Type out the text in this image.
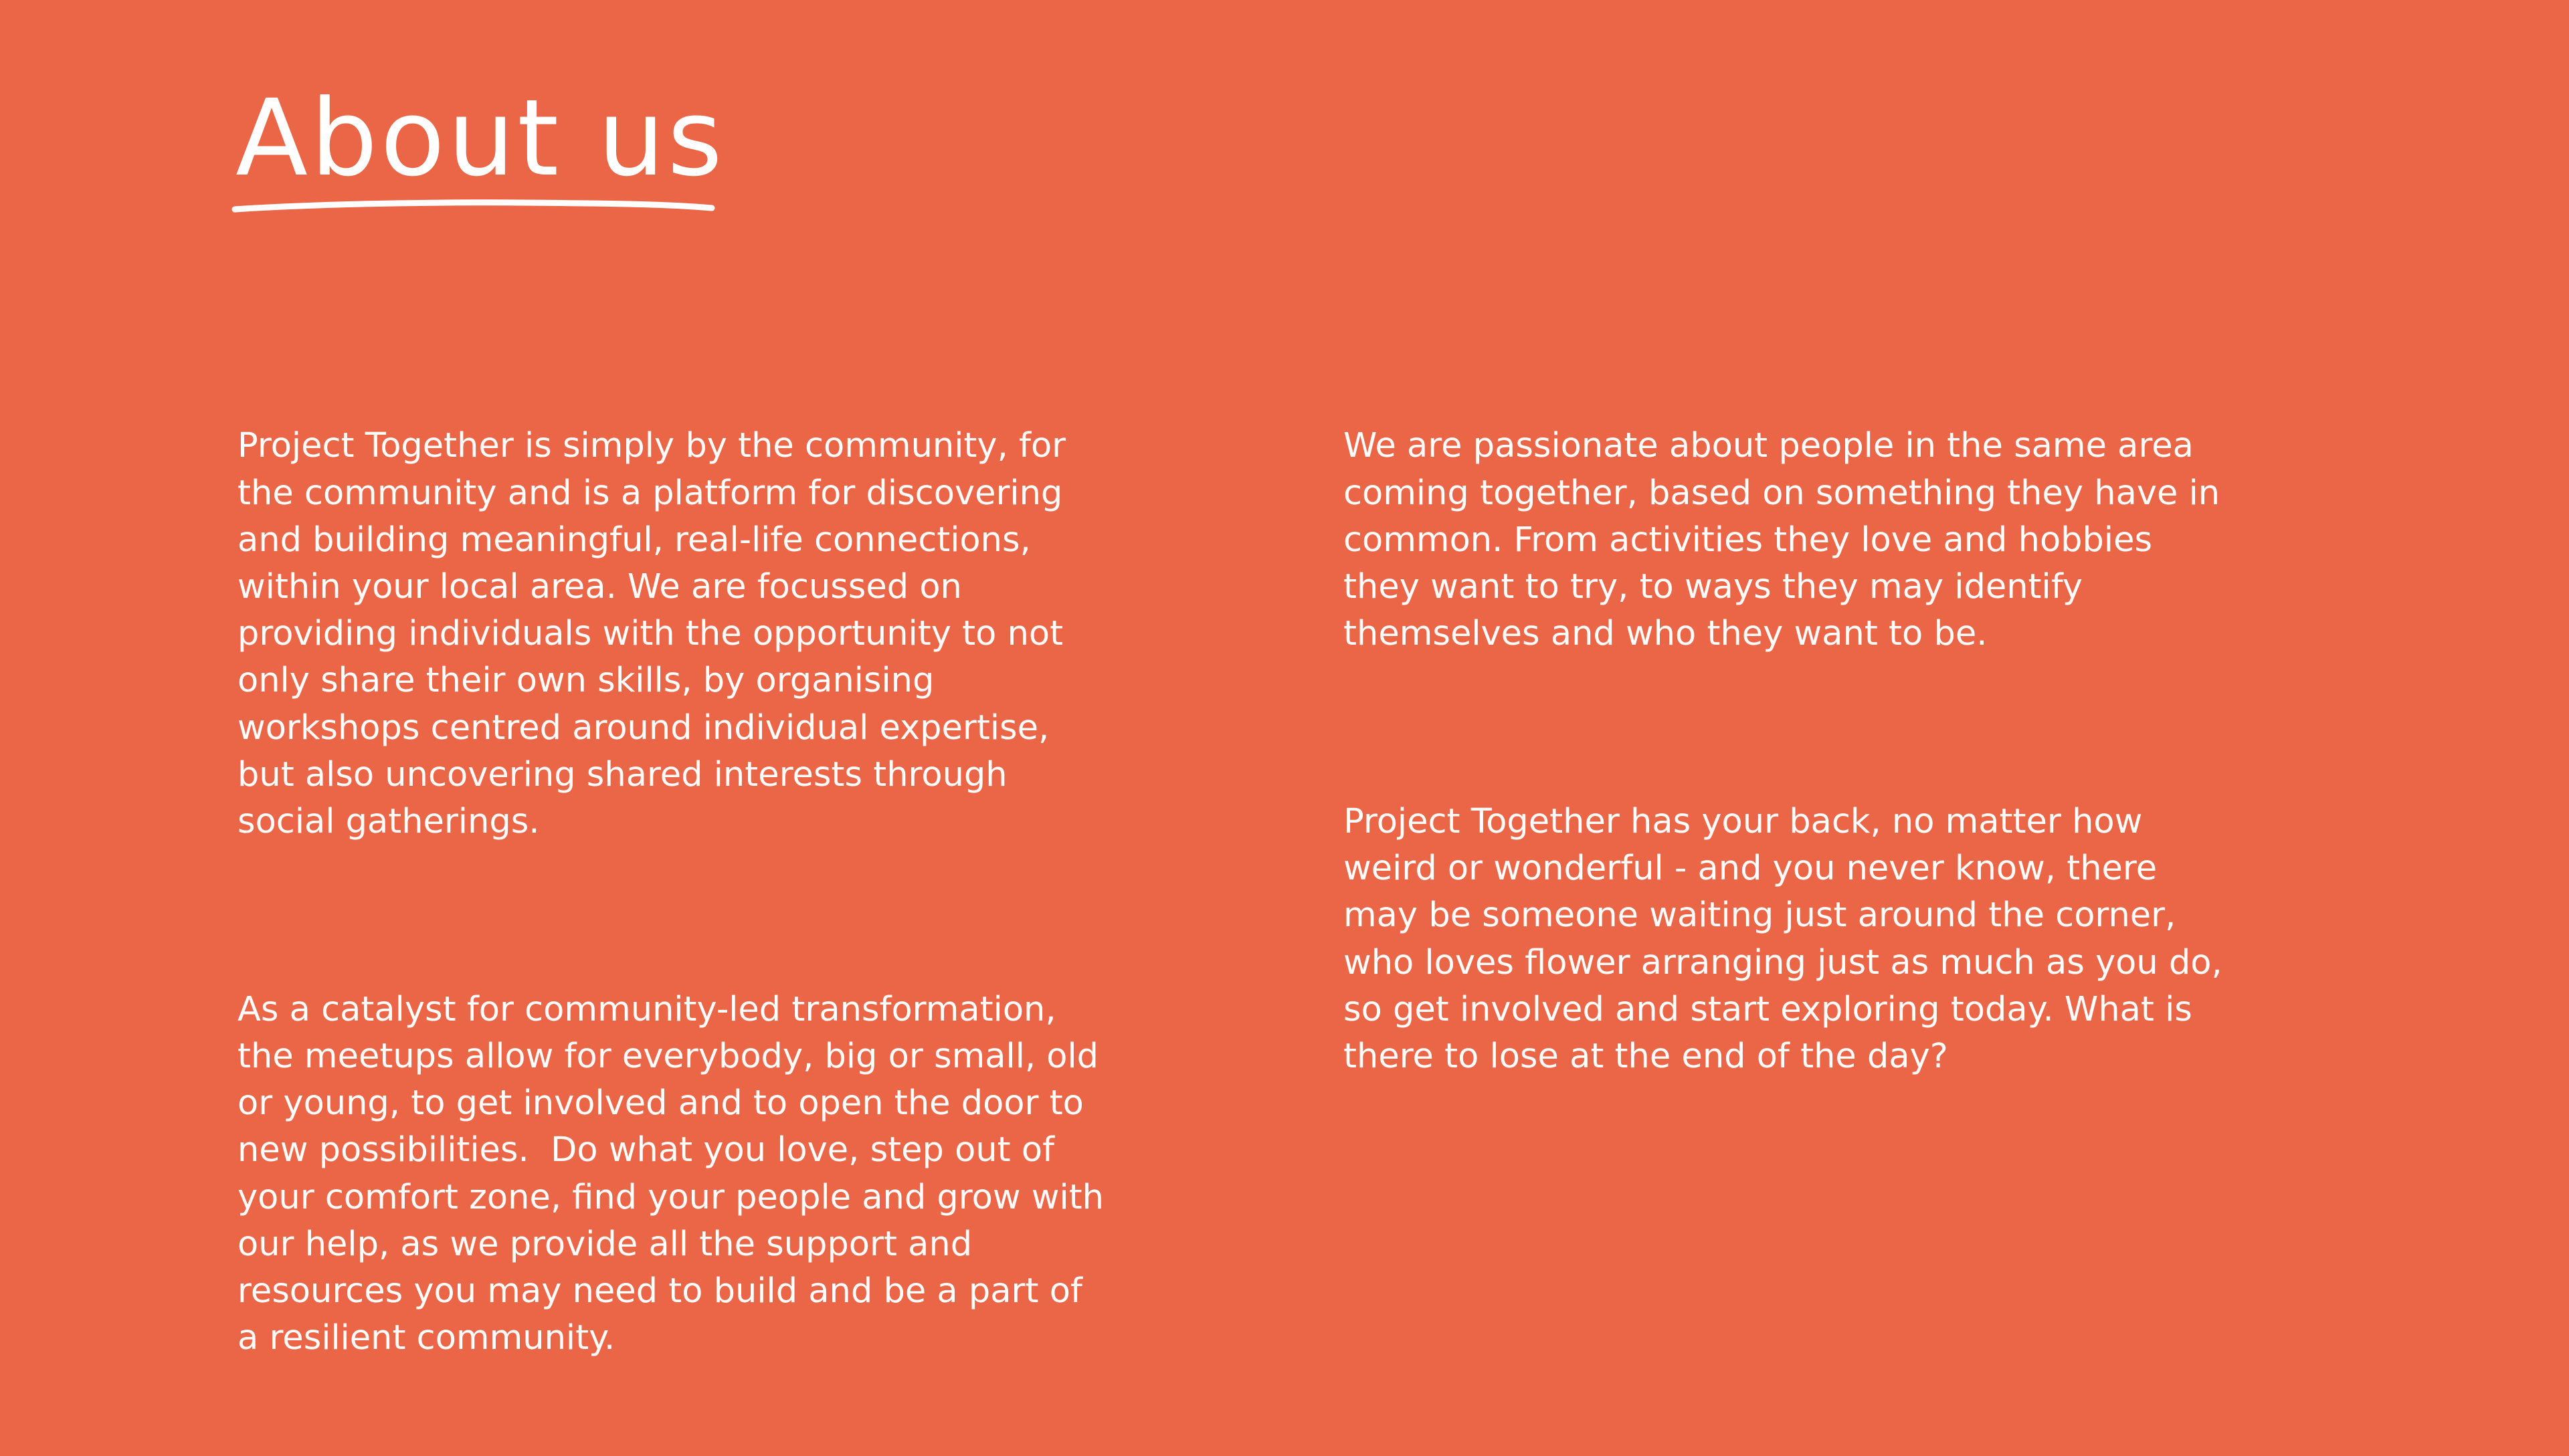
About us

Project Together is simply by the community, for
the community and is a platform for discovering
and building meaningful, real-life connections,
within your local area. We are focussed on
providing individuals with the opportunity to not
only share their own skills, by organising
workshops centred around individual expertise,
but also uncovering shared interests through
social gatherings.

As a catalyst for community-led transformation,
the meetups allow for everybody, big or small, old
or young, to get involved and to open the door to
new possibilities.  Do what you love, step out of
your comfort zone, find your people and grow with
our help, as we provide all the support and
resources you may need to build and be a part of
a resilient community.

We are passionate about people in the same area
coming together, based on something they have in
common. From activities they love and hobbies
they want to try, to ways they may identify
themselves and who they want to be.

Project Together has your back, no matter how
weird or wonderful - and you never know, there
may be someone waiting just around the corner,
who loves flower arranging just as much as you do,
so get involved and start exploring today. What is
there to lose at the end of the day?
